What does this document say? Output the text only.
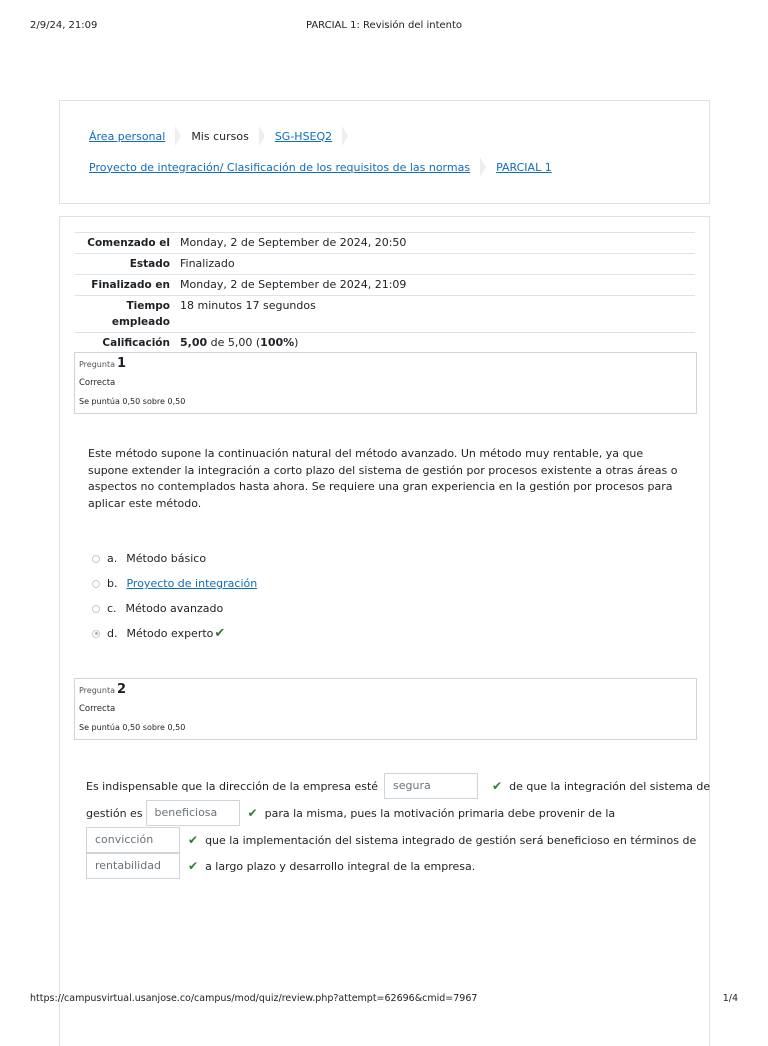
2/9/24, 21:09	PARCIAL 1: Revisión del intento
Área personal Mis cursos SG-HSEQ2
Proyecto de integración/ Clasificación de los requisitos de las normas PARCIAL 1
Comenzado el	Monday, 2 de September de 2024, 20:50
Estado	Finalizado
Finalizado en	Monday, 2 de September de 2024, 21:09
Tiempo empleado	18 minutos 17 segundos
Calificación	5,00 de 5,00 (100%)
Pregunta 1
Correcta
Se puntúa 0,50 sobre 0,50
Este método supone la continuación natural del método avanzado. Un método muy rentable, ya que supone extender la integración a corto plazo del sistema de gestión por procesos existente a otras áreas o aspectos no contemplados hasta ahora. Se requiere una gran experiencia en la gestión por procesos para aplicar este método.
a. Método básico
b. Proyecto de integración
c. Método avanzado
d. Método experto ✔
Pregunta 2
Correcta
Se puntúa 0,50 sobre 0,50
Es indispensable que la dirección de la empresa esté	segura	✔ de que la integración del sistema de
gestión es	beneficiosa	✔ para la misma, pues la motivación primaria debe provenir de la
convicción	✔ que la implementación del sistema integrado de gestión será beneficioso en términos de
rentabilidad	✔ a largo plazo y desarrollo integral de la empresa.
https://campusvirtual.usanjose.co/campus/mod/quiz/review.php?attempt=62696&cmid=7967	1/4
